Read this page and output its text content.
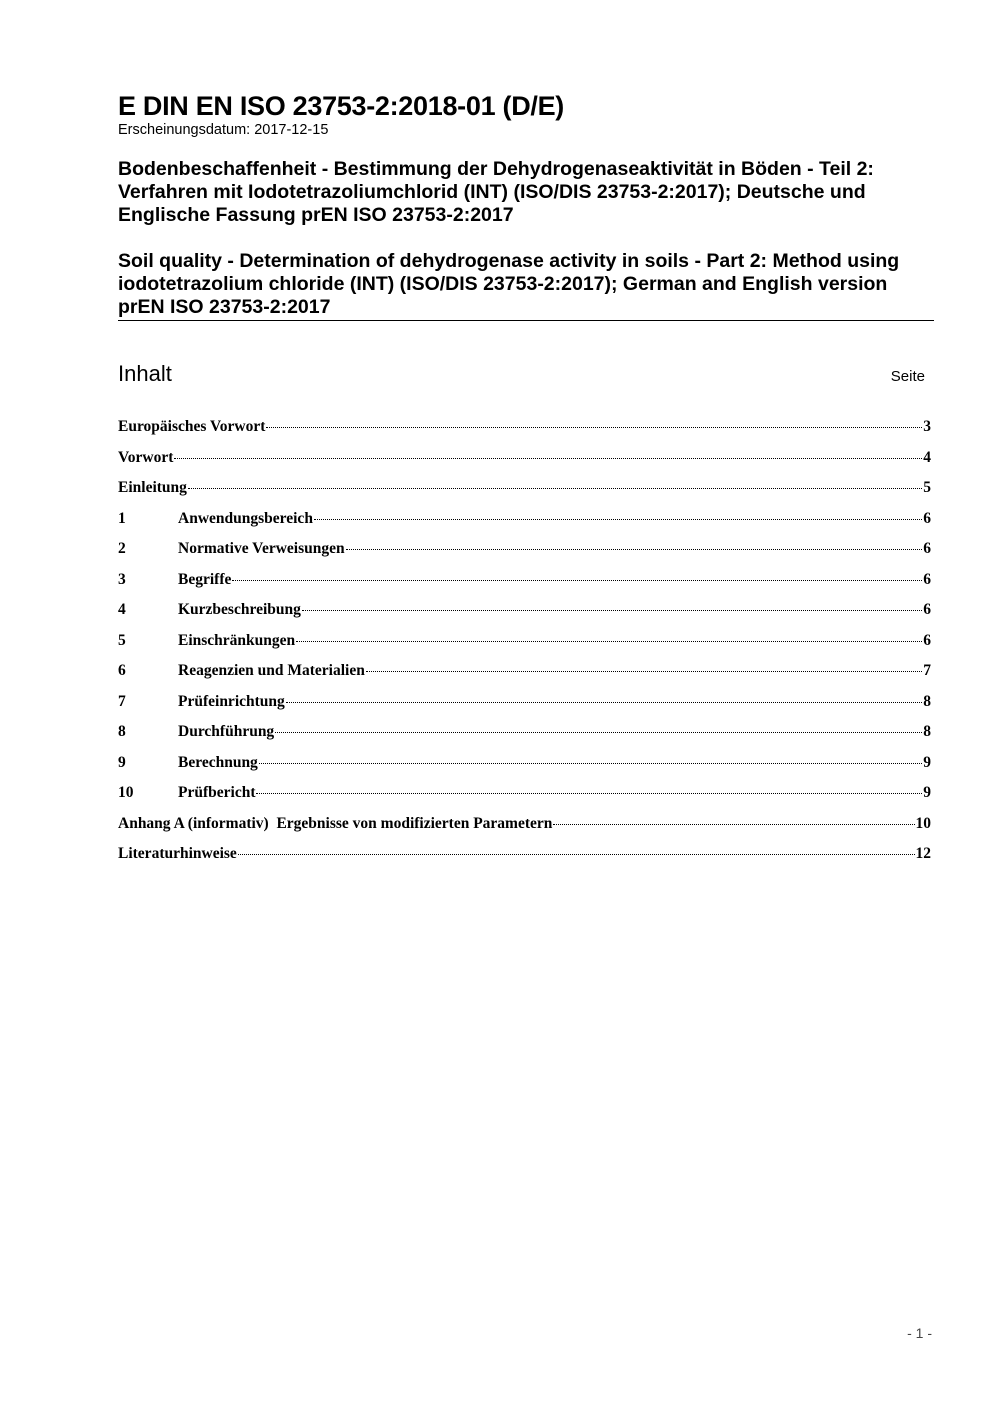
E DIN EN ISO 23753-2:2018-01 (D/E)
Erscheinungsdatum: 2017-12-15
Bodenbeschaffenheit - Bestimmung der Dehydrogenaseaktivität in Böden - Teil 2:
Verfahren mit Iodotetrazoliumchlorid (INT) (ISO/DIS 23753-2:2017); Deutsche und
Englische Fassung prEN ISO 23753-2:2017
Soil quality - Determination of dehydrogenase activity in soils - Part 2: Method using
iodotetrazolium chloride (INT) (ISO/DIS 23753-2:2017); German and English version
prEN ISO 23753-2:2017
Inhalt	Seite
Europäisches Vorwort	3
Vorwort	4
Einleitung	5
1	Anwendungsbereich	6
2	Normative Verweisungen	6
3	Begriffe	6
4	Kurzbeschreibung	6
5	Einschränkungen	6
6	Reagenzien und Materialien	7
7	Prüfeinrichtung	8
8	Durchführung	8
9	Berechnung	9
10	Prüfbericht	9
Anhang A (informativ)  Ergebnisse von modifizierten Parametern	10
Literaturhinweise	12
- 1 -
